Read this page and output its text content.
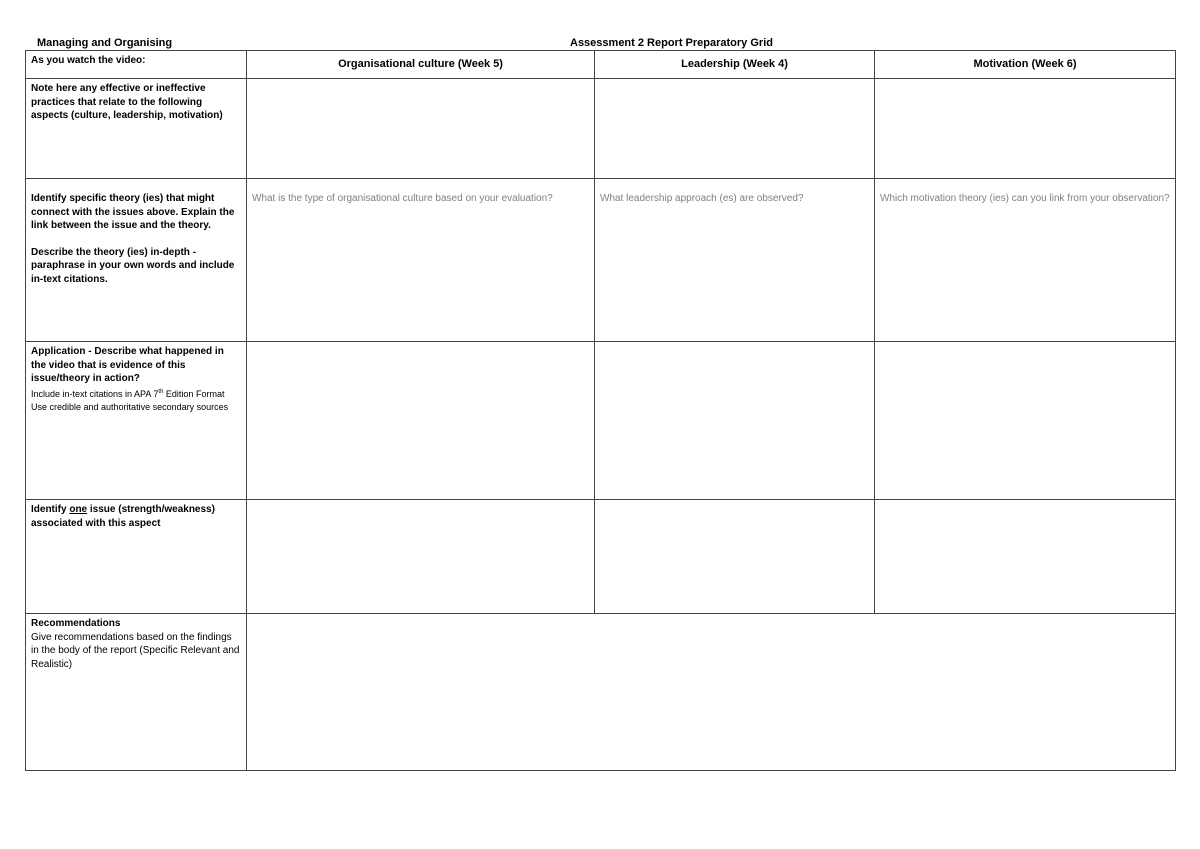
Managing and Organising	Assessment 2 Report Preparatory Grid
As you watch the video:	Organisational culture (Week 5)	Leadership (Week 4)	Motivation (Week 6)

Note here any effective or ineffective practices that relate to the following aspects (culture, leadership, motivation)			

Identify specific theory (ies) that might connect with the issues above. Explain the link between the issue and the theory.
Describe the theory (ies) in-depth - paraphrase in your own words and include in-text citations.	What is the type of organisational culture based on your evaluation?	What leadership approach (es) are observed?	Which motivation theory (ies) can you link from your observation?

Application - Describe what happened in the video that is evidence of this issue/theory in action?
Include in-text citations in APA 7th Edition Format
Use credible and authoritative secondary sources			

Identify one issue (strength/weakness) associated with this aspect			

Recommendations
Give recommendations based on the findings in the body of the report (Specific Relevant and Realistic)			
